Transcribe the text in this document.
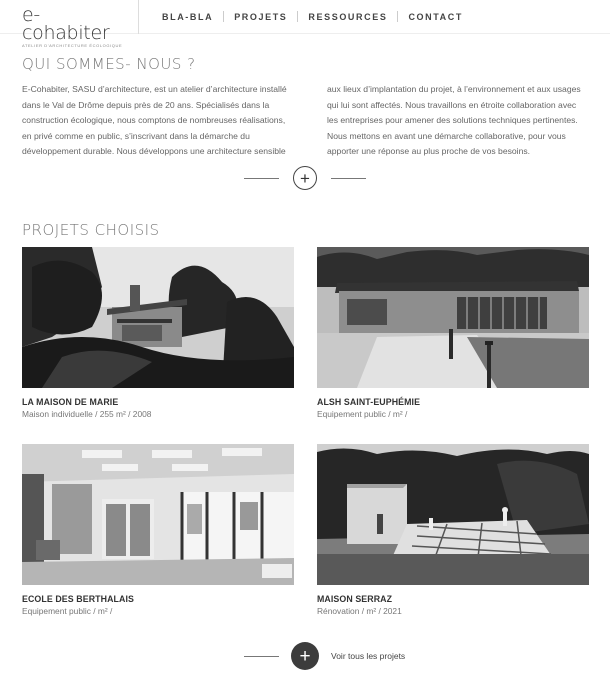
e-cohabiter
ATELIER D'ARCHITECTURE ÉCOLOGIQUE
BLA-BLA	PROJETS	RESSOURCES	CONTACT
QUI SOMMES- NOUS ?

E-Cohabiter, SASU d’architecture, est un atelier d’architecture installé dans le Val de Drôme depuis près de 20 ans. Spécialisés dans la construction écologique, nous comptons de nombreuses réalisations, en privé comme en public, s’inscrivant dans la démarche du développement durable. Nous développons une architecture sensible

aux lieux d’implantation du projet, à l’environnement et aux usages qui lui sont affectés. Nous travaillons en étroite collaboration avec les entreprises pour amener des solutions techniques pertinentes. Nous mettons en avant une démarche collaborative, pour vous apporter une réponse au plus proche de vos besoins.

+
PROJETS CHOISIS
LA MAISON DE MARIE
Maison individuelle / 255 m² / 2008
ALSH SAINT-EUPHÉMIE
Equipement public / m² /
ECOLE DES BERTHALAIS
Equipement public / m² /
MAISON SERRAZ
Rénovation / m² / 2021
+ Voir tous les projets
